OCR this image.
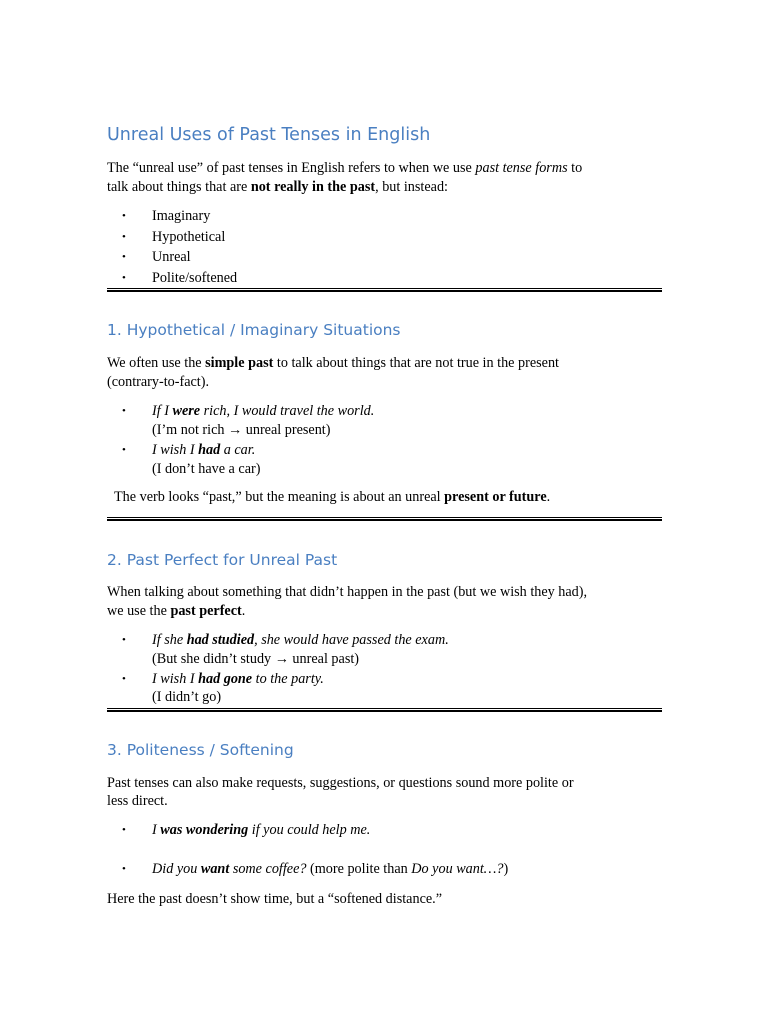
Unreal Uses of Past Tenses in English

The “unreal use” of past tenses in English refers to when we use past tense forms to

talk about things that are not really in the past, but instead:

• Imaginary
• Hypothetical
• Unreal
• Polite/softened
1. Hypothetical / Imaginary Situations

We often use the simple past to talk about things that are not true in the present

(contrary-to-fact).

• If I were rich, I would travel the world.
(I’m not rich → unreal present)
• I wish I had a car.
(I don’t have a car)

The verb looks “past,” but the meaning is about an unreal present or future.

2. Past Perfect for Unreal Past

When talking about something that didn’t happen in the past (but we wish they had),

we use the past perfect.

• If she had studied, she would have passed the exam.
(But she didn’t study → unreal past)
• I wish I had gone to the party.
(I didn’t go)
3. Politeness / Softening

Past tenses can also make requests, suggestions, or questions sound more polite or

less direct.

• I was wondering if you could help me.
• Did you want some coffee? (more polite than Do you want…?)

Here the past doesn’t show time, but a “softened distance.”
